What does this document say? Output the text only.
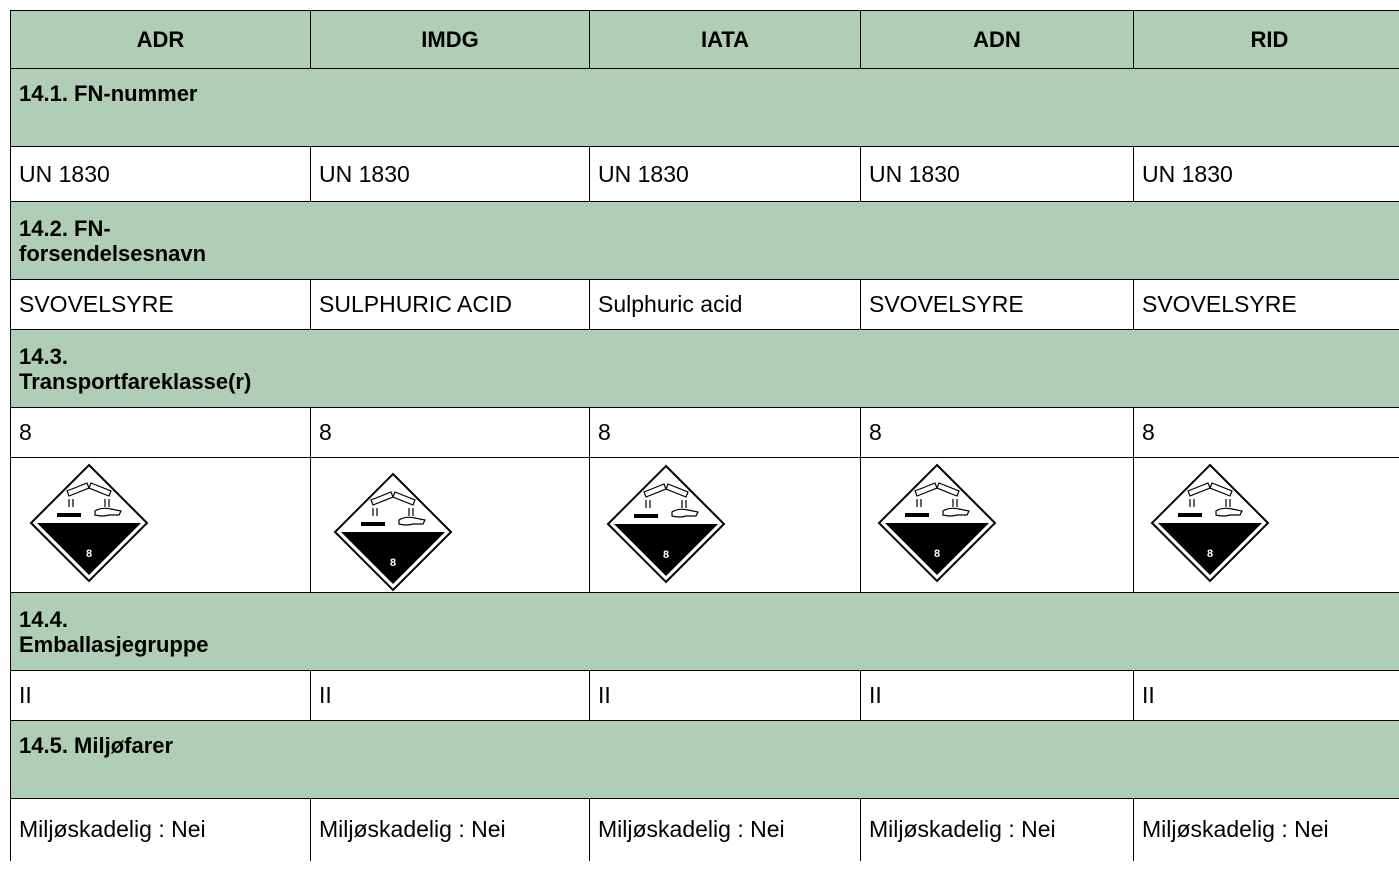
ADR	IMDG	IATA	ADN	RID
14.1. FN-nummer				
UN 1830	UN 1830	UN 1830	UN 1830	UN 1830

14.2. FN-forsendelsesnavn				

SVOVELSYRE	SULPHURIC ACID	Sulphuric acid	SVOVELSYRE	SVOVELSYRE

14.3. Transportfareklasse(r)				

8	8	8	8	8

14.4. Emballasjegruppe				

II	II	II	II	II
14.5. Miljøfarer				
Miljøskadelig : Nei	Miljøskadelig : Nei	Miljøskadelig : Nei	Miljøskadelig : Nei	Miljøskadelig : Nei
